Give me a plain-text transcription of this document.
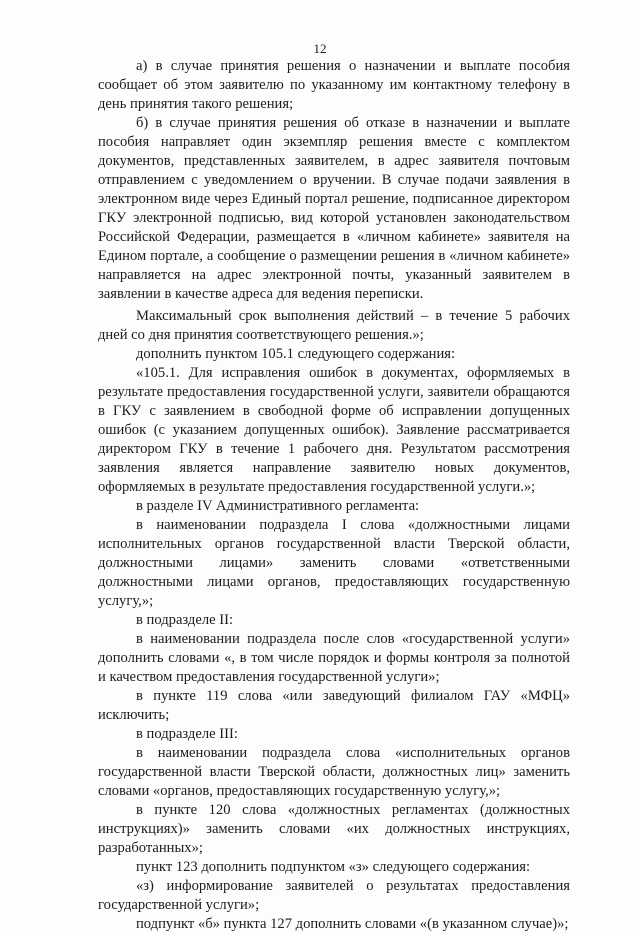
12

а) в случае принятия решения о назначении и выплате пособия сообщает об этом заявителю по указанному им контактному телефону в день принятия такого решения;

б) в случае принятия решения об отказе в назначении и выплате пособия направляет один экземпляр решения вместе с комплектом документов, представленных заявителем, в адрес заявителя почтовым отправлением с уведомлением о вручении. В случае подачи заявления в электронном виде через Единый портал решение, подписанное директором ГКУ электронной подписью, вид которой установлен законодательством Российской Федерации, размещается в «личном кабинете» заявителя на Едином портале, а сообщение о размещении решения в «личном кабинете» направляется на адрес электронной почты, указанный заявителем в заявлении в качестве адреса для ведения переписки.

Максимальный срок выполнения действий – в течение 5 рабочих дней со дня принятия соответствующего решения.»;

дополнить пунктом 105.1 следующего содержания:

«105.1. Для исправления ошибок в документах, оформляемых в результате предоставления государственной услуги, заявители обращаются в ГКУ с заявлением в свободной форме об исправлении допущенных ошибок (с указанием допущенных ошибок). Заявление рассматривается директором ГКУ в течение 1 рабочего дня. Результатом рассмотрения заявления является направление заявителю новых документов, оформляемых в результате предоставления государственной услуги.»;

в разделе IV Административного регламента:

в наименовании подраздела I слова «должностными лицами исполнительных органов государственной власти Тверской области, должностными лицами» заменить словами «ответственными должностными лицами органов, предоставляющих государственную услугу,»;

в подразделе II:

в наименовании подраздела после слов «государственной услуги» дополнить словами «, в том числе порядок и формы контроля за полнотой и качеством предоставления государственной услуги»;

в пункте 119 слова «или заведующий филиалом ГАУ «МФЦ» исключить;

в подразделе III:

в наименовании подраздела слова «исполнительных органов государственной власти Тверской области, должностных лиц» заменить словами «органов, предоставляющих государственную услугу,»;

в пункте 120 слова «должностных регламентах (должностных инструкциях)» заменить словами «их должностных инструкциях, разработанных»;

пункт 123 дополнить подпунктом «з» следующего содержания:

«з) информирование заявителей о результатах предоставления государственной услуги»;

подпункт «б» пункта 127 дополнить словами «(в указанном случае)»;
